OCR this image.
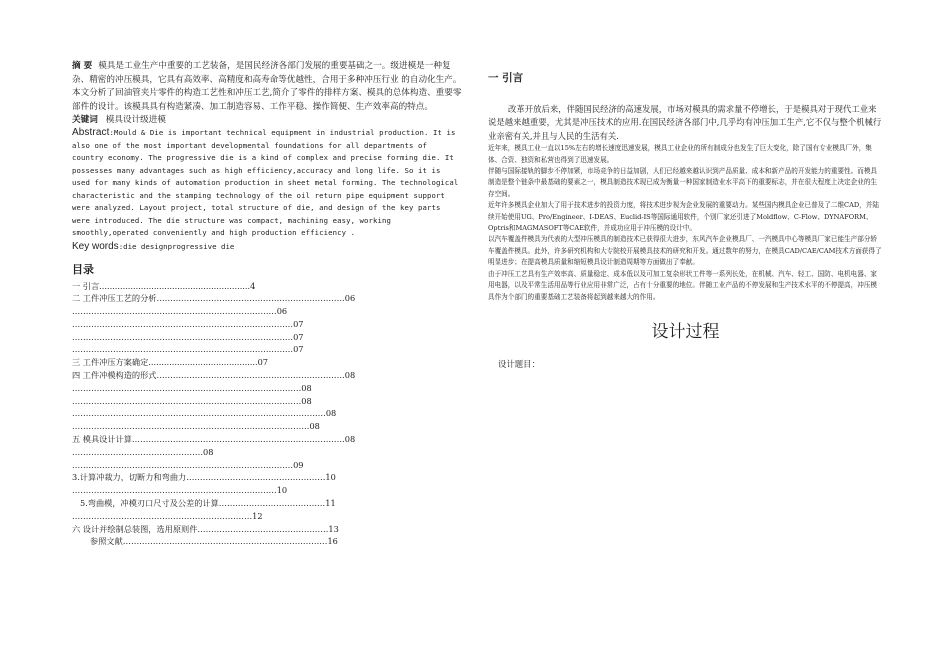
摘 要 模具是工业生产中重要的工艺装备，是国民经济各部门发展的重要基础之一。级进模是一种复杂、精密的冲压模具，它具有高效率、高精度和高寿命等优越性，合用于多种冲压行业 的自动化生产。本文分析了回油管夹片零件的构造工艺性和冲压工艺,简介了零件的排样方案、模具的总体构造、重要零部件的设计。该模具具有构造紧凑、加工制造容易、工作平稳、操作简便、生产效率高的特点。

关键词 模具设计级进模

Abstract:Mould & Die is important technical equipment in industrial production. It is also one of the most important developmental foundations for all departments of country economy. The progressive die is a kind of complex and precise forming die. It possesses many advantages such as high efficiency,accuracy and long life. So it is used for many kinds of automation production in sheet metal forming. The technological characteristic and the stamping technology of the oil return pipe equipment support were analyzed. Layout project, total structure of die, and design of the key parts were introduced. The die structure was compact, machining easy, working smoothly,operated conveniently and high production efficiency .

Key words:die designprogressive die

目录
一 引言..........................................................4
二 工件冲压工艺的分析……………………………………………………………06
…………………………………………………………………06
………………………………………………………………………07
………………………………………………………………………07
………………………………………………………………………07
三 工件冲压方案确定..........................................07
四 工件冲模构造的形式……………………………………………………………08
…………………………………………………………………………08
…………………………………………………………………………08
…………………………………………………………………………………08
……………………………………………………………………………08
五 模具设计计算……………………………………………………………………08
…………………………………………08
………………………………………………………………………09
3.计算冲裁力，切断力和弯曲力……………………………………………10
…………………………………………………………………10
5.弯曲模，冲模刃口尺寸及公差的计算…………………………………11
…………………………………………………………12
六 设计并绘制总装图，选用原则件…………………………………………13
参照文献…………………………………………………………………16
一 引言

改革开放后来，伴随国民经济的高速发展，市场对模具的需求量不停增长，于是模具对于现代工业来说是越来越重要，尤其是冲压技术的应用.在国民经济各部门中,几乎均有冲压加工生产,它不仅与整个机械行业亲密有关,并且与人民的生活有关.

近年来，模具工业一直以15%左右的增长速度迅速发展，模具工业企业的所有制成分也发生了巨大变化，除了国有专业模具厂外，集体、合资、独资和私营也得到了迅速发展。

伴随与国际接轨的脚步不停加紧，市场竞争的日益加剧，人们已经越来越认识到产品质量、成本和新产品的开发能力的重要性。而模具制造是整个链条中最基础的要素之一，模具制造技术现已成为衡量一种国家制造业水平高下的重要标志，并在很大程度上决定企业的生存空间。

近年许多模具企业加大了用于技术进步的投资力度，将技术进步视为企业发展的重要动力。某些国内模具企业已普及了二维CAD，并陆续开始使用UG、Pro/Engineer、I-DEAS、Euclid-IS等国际通用软件，个别厂家还引进了Moldflow、C-Flow、DYNAFORM、Optris和MAGMASOFT等CAE软件，并成功应用于冲压模的设计中。

以汽车覆盖件模具为代表的大型冲压模具的制造技术已获得很大进步，东风汽车企业模具厂、一汽模具中心等模具厂家已能生产部分轿车覆盖件模具。此外，许多研究机构和大专院校开展模具技术的研究和开发。通过数年的努力，在模具CAD/CAE/CAM技术方面获得了明显进步；在提高模具质量和缩短模具设计制造周期等方面做出了奉献。

由于冲压工艺具有生产效率高、质量稳定、成本低以及可加工复杂形状工件等一系列长处，在机械、汽车、轻工、国防、电机电器、家用电器，以及平常生活用品等行业应用非常广泛，占有十分重要的地位。伴随工业产品的不停发展和生产技术水平的不停提高，冲压模具作为个部门的重要基础工艺装备将起到越来越大的作用。

设计过程

设计题目：
